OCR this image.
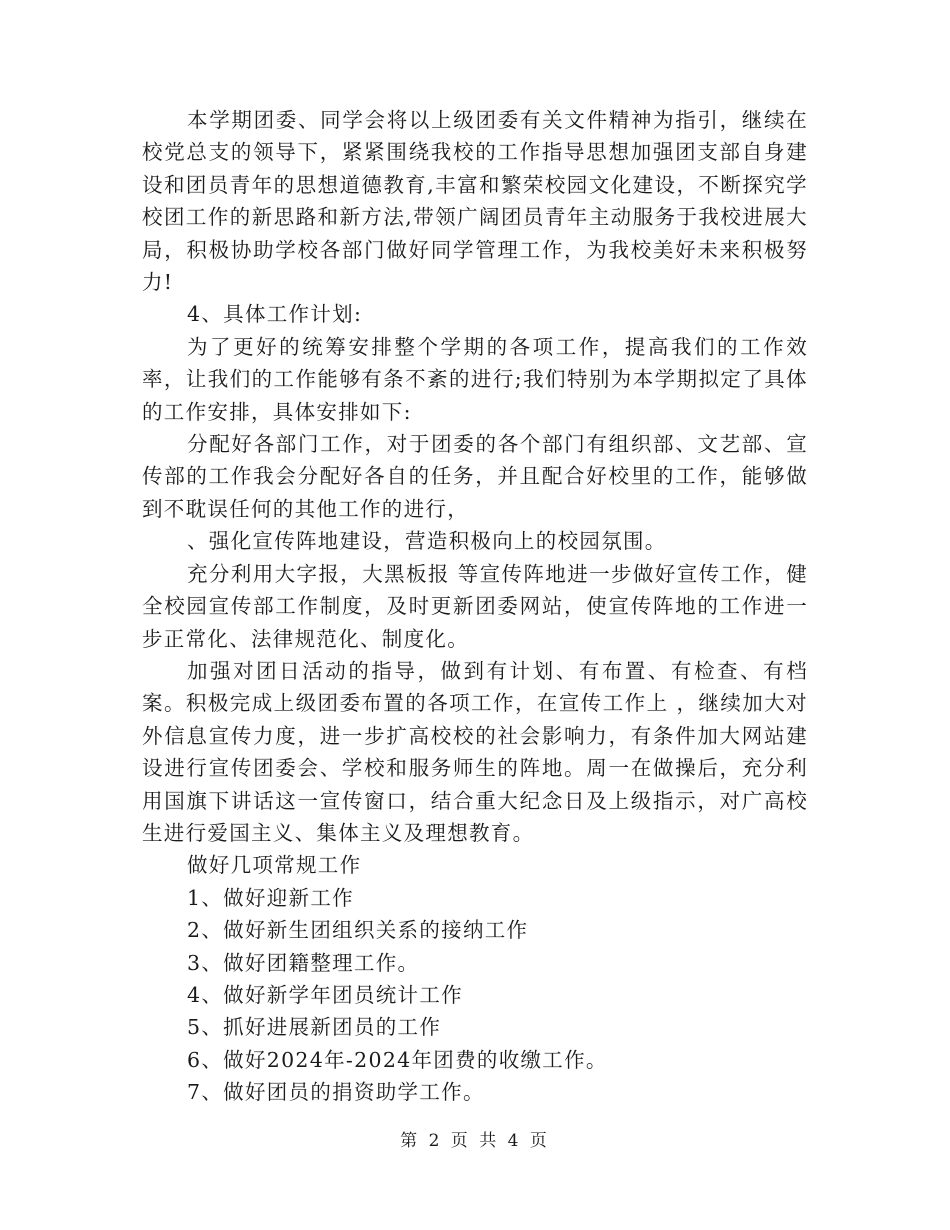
本学期团委、同学会将以上级团委有关文件精神为指引，继续在校党总支的领导下，紧紧围绕我校的工作指导思想加强团支部自身建设和团员青年的思想道德教育,丰富和繁荣校园文化建设，不断探究学校团工作的新思路和新方法,带领广阔团员青年主动服务于我校进展大局，积极协助学校各部门做好同学管理工作，为我校美好未来积极努力!

4、具体工作计划:

为了更好的统筹安排整个学期的各项工作，提高我们的工作效率，让我们的工作能够有条不紊的进行;我们特别为本学期拟定了具体的工作安排，具体安排如下:

分配好各部门工作，对于团委的各个部门有组织部、文艺部、宣传部的工作我会分配好各自的任务，并且配合好校里的工作，能够做到不耽误任何的其他工作的进行，

、强化宣传阵地建设，营造积极向上的校园氛围。

充分利用大字报，大黑板报 等宣传阵地进一步做好宣传工作，健全校园宣传部工作制度，及时更新团委网站，使宣传阵地的工作进一步正常化、法律规范化、制度化。

加强对团日活动的指导，做到有计划、有布置、有检查、有档案。积极完成上级团委布置的各项工作，在宣传工作上 ，继续加大对外信息宣传力度，进一步扩高校校的社会影响力，有条件加大网站建设进行宣传团委会、学校和服务师生的阵地。周一在做操后，充分利用国旗下讲话这一宣传窗口，结合重大纪念日及上级指示，对广高校生进行爱国主义、集体主义及理想教育。

做好几项常规工作

1、做好迎新工作

2、做好新生团组织关系的接纳工作

3、做好团籍整理工作。

4、做好新学年团员统计工作

5、抓好进展新团员的工作

6、做好2024年-2024年团费的收缴工作。

7、做好团员的捐资助学工作。

第 2 页 共 4 页
